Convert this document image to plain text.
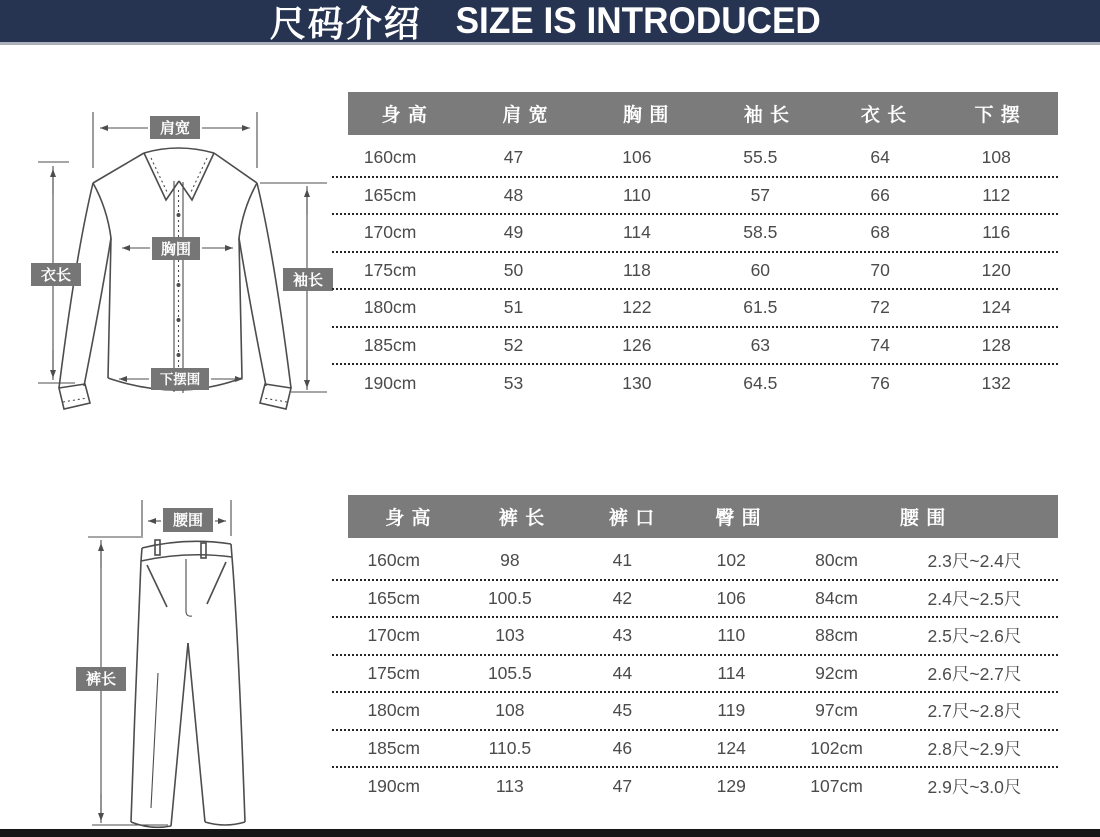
尺码介绍 SIZE IS INTRODUCED
肩宽
胸围
衣长	袖长
下摆围
腰围
裤长
身 高	肩 宽	胸 围	袖 长	衣 长	下 摆
160cm	47	106	55.5	64	108
165cm	48	110	57	66	112
170cm	49	114	58.5	68	116
175cm	50	118	60	70	120
180cm	51	122	61.5	72	124
185cm	52	126	63	74	128
190cm	53	130	64.5	76	132
身 高	裤 长	裤 口	臀 围	腰 围
160cm	98	41	102	80cm	2.3尺~2.4尺
165cm	100.5	42	106	84cm	2.4尺~2.5尺
170cm	103	43	110	88cm	2.5尺~2.6尺
175cm	105.5	44	114	92cm	2.6尺~2.7尺
180cm	108	45	119	97cm	2.7尺~2.8尺
185cm	110.5	46	124	102cm	2.8尺~2.9尺
190cm	113	47	129	107cm	2.9尺~3.0尺
